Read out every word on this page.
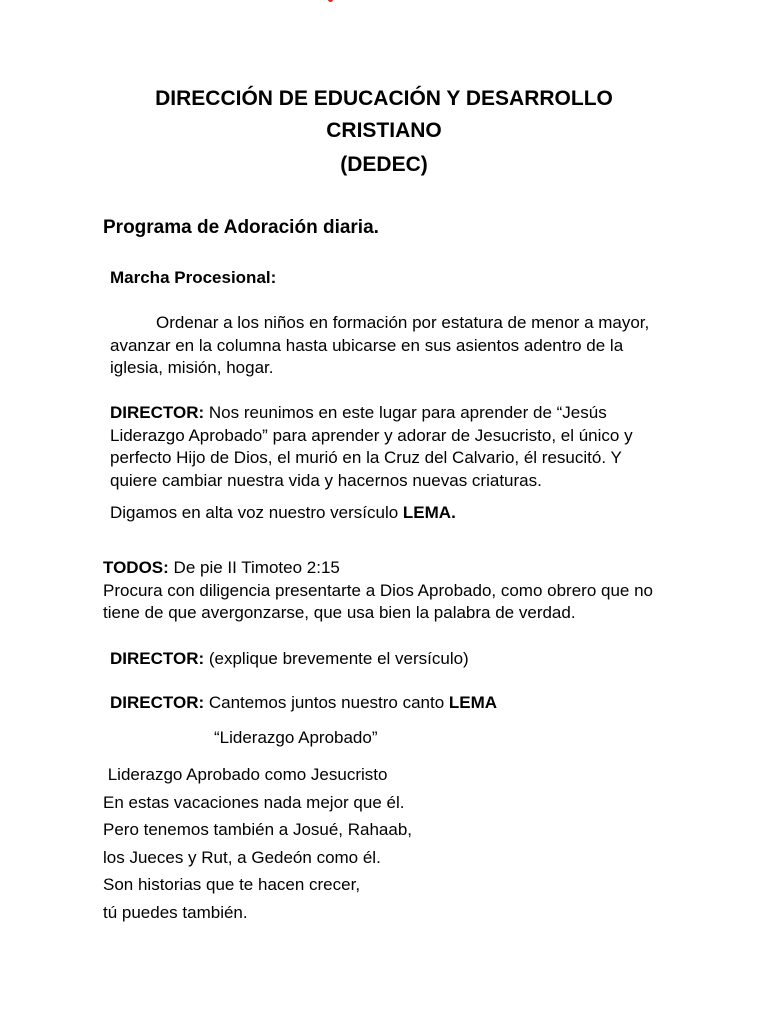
DIRECCIÓN DE EDUCACIÓN Y DESARROLLO
CRISTIANO
(DEDEC)

Programa de Adoración diaria.

Marcha Procesional:

Ordenar a los niños en formación por estatura de menor a mayor, avanzar en la columna hasta ubicarse en sus asientos adentro de la iglesia, misión, hogar.

DIRECTOR: Nos reunimos en este lugar para aprender de “Jesús Liderazgo Aprobado” para aprender y adorar de Jesucristo, el único y perfecto Hijo de Dios, el murió en la Cruz del Calvario, él resucitó. Y quiere cambiar nuestra vida y hacernos nuevas criaturas.

Digamos en alta voz nuestro versículo LEMA.

TODOS: De pie II Timoteo 2:15
Procura con diligencia presentarte a Dios Aprobado, como obrero que no tiene de que avergonzarse, que usa bien la palabra de verdad.

DIRECTOR: (explique brevemente el versículo)

DIRECTOR: Cantemos juntos nuestro canto LEMA

“Liderazgo Aprobado”

Liderazgo Aprobado como Jesucristo
En estas vacaciones nada mejor que él.
Pero tenemos también a Josué, Rahaab,
los Jueces y Rut, a Gedeón como él.
Son historias que te hacen crecer,
tú puedes también.
